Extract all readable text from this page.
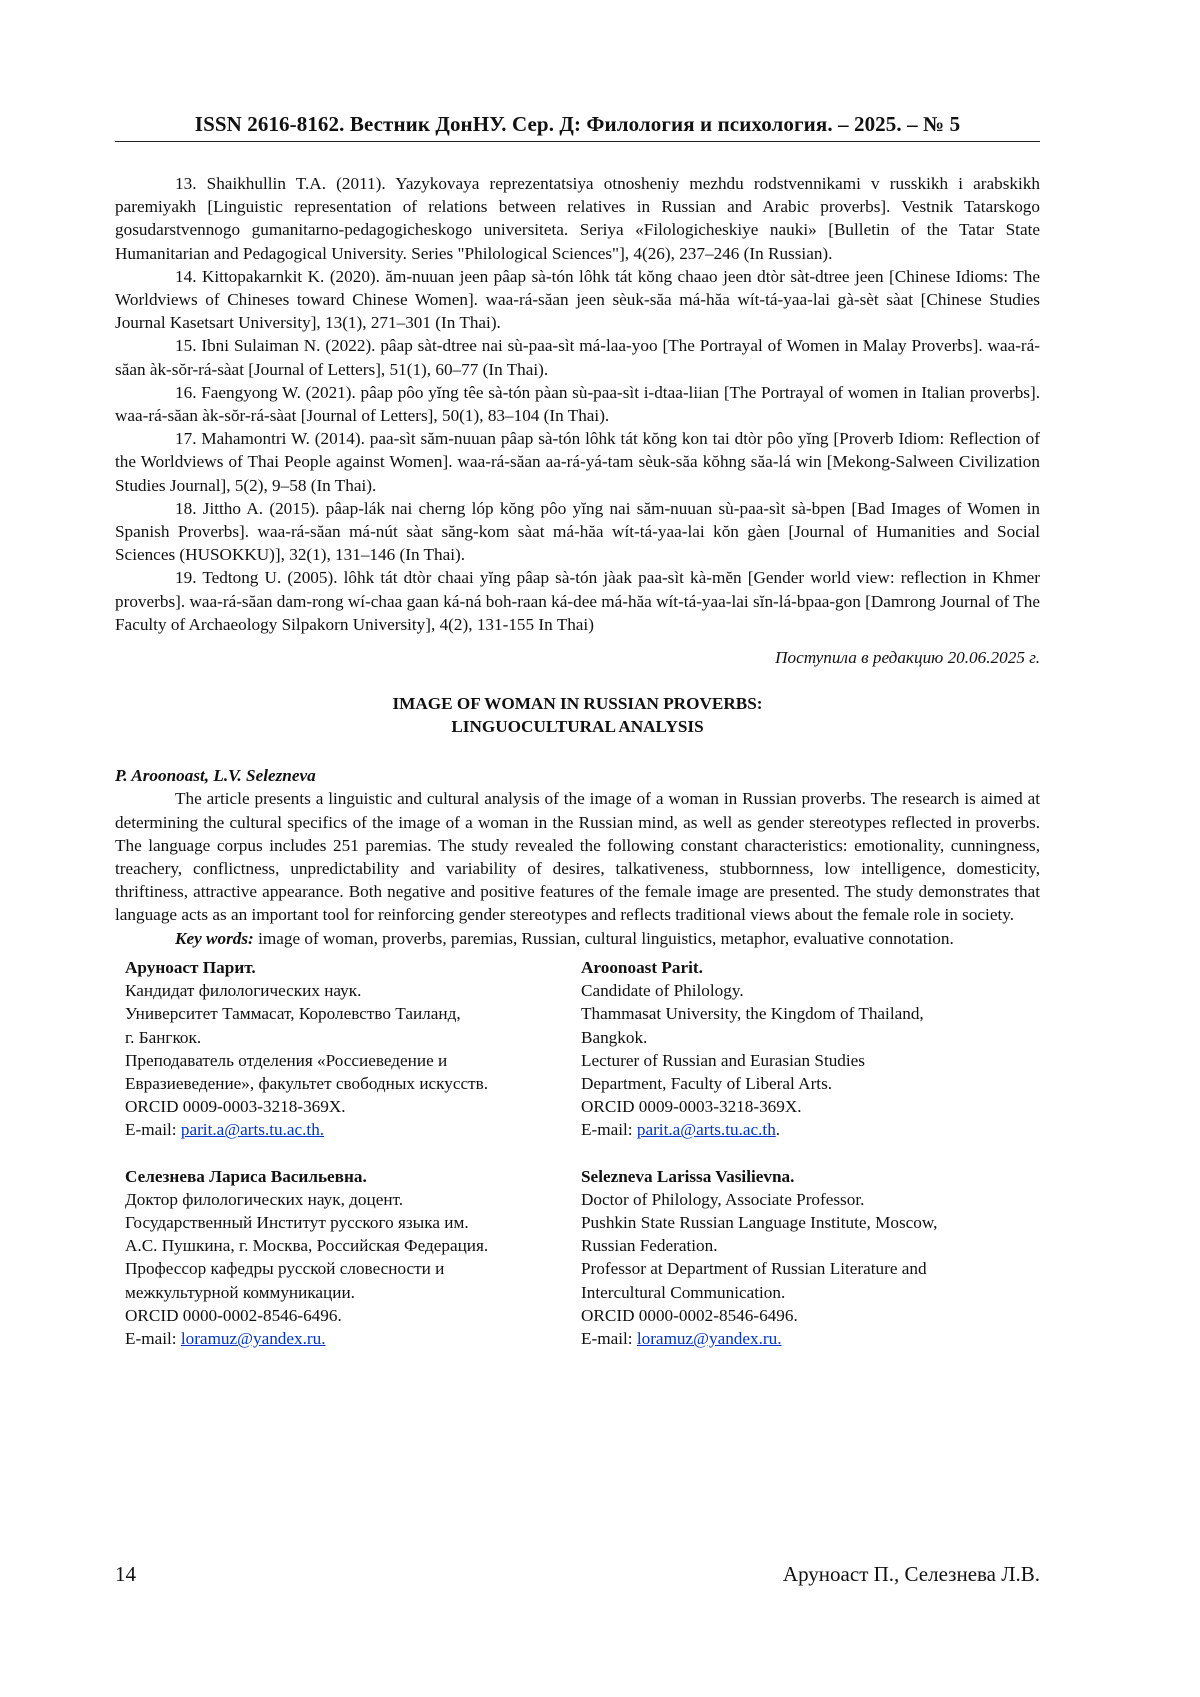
ISSN 2616-8162. Вестник ДонНУ. Сер. Д: Филология и психология. – 2025. – № 5

13. Shaikhullin T.A. (2011). Yazykovaya reprezentatsiya otnosheniy mezhdu rodstvennikami v russkikh i arabskikh paremiyakh [Linguistic representation of relations between relatives in Russian and Arabic proverbs]. Vestnik Tatarskogo gosudarstvennogo gumanitarno-pedagogicheskogo universiteta. Seriya «Filologicheskiye nauki» [Bulletin of the Tatar State Humanitarian and Pedagogical University. Series "Philological Sciences"], 4(26), 237–246 (In Russian).

14. Kittopakarnkit K. (2020). ăm-nuuan jeen pâap sà-tón lôhk tát kŏng chaao jeen dtòr sàt-dtree jeen [Chinese Idioms: The Worldviews of Chineses toward Chinese Women]. waa-rá-săan jeen sèuk-săa má-hăa wít-tá-yaa-lai gà-sèt sàat [Chinese Studies Journal Kasetsart University], 13(1), 271–301 (In Thai).

15. Ibni Sulaiman N. (2022). pâap sàt-dtree nai sù-paa-sìt má-laa-yoo [The Portrayal of Women in Malay Proverbs]. waa-rá-săan àk-sŏr-rá-sàat [Journal of Letters], 51(1), 60–77 (In Thai).

16. Faengyong W. (2021). pâap pôo yĭng têe sà-tón pàan sù-paa-sìt i-dtaa-liian [The Portrayal of women in Italian proverbs]. waa-rá-săan àk-sŏr-rá-sàat [Journal of Letters], 50(1), 83–104 (In Thai).

17. Mahamontri W. (2014). paa-sìt săm-nuuan pâap sà-tón lôhk tát kŏng kon tai dtòr pôo yĭng [Proverb Idiom: Reflection of the Worldviews of Thai People against Women]. waa-rá-săan aa-rá-yá-tam sèuk-săa kŏhng săa-lá win [Mekong-Salween Civilization Studies Journal], 5(2), 9–58 (In Thai).

18. Jittho A. (2015). pâap-lák nai cherng lóp kŏng pôo yĭng nai săm-nuuan sù-paa-sìt sà-bpen [Bad Images of Women in Spanish Proverbs]. waa-rá-săan má-nút sàat săng-kom sàat má-hăa wít-tá-yaa-lai kŏn gàen [Journal of Humanities and Social Sciences (HUSOKKU)], 32(1), 131–146 (In Thai).

19. Tedtong U. (2005). lôhk tát dtòr chaai yĭng pâap sà-tón jàak paa-sìt kà-mĕn [Gender world view: reflection in Khmer proverbs]. waa-rá-săan dam-rong wí-chaa gaan ká-ná boh-raan ká-dee má-hăa wít-tá-yaa-lai sĭn-lá-bpaa-gon [Damrong Journal of The Faculty of Archaeology Silpakorn University], 4(2), 131-155 In Thai)

Поступила в редакцию 20.06.2025 г.

IMAGE OF WOMAN IN RUSSIAN PROVERBS:
LINGUOCULTURAL ANALYSIS
P. Aroonoast, L.V. Selezneva

The article presents a linguistic and cultural analysis of the image of a woman in Russian proverbs. The research is aimed at determining the cultural specifics of the image of a woman in the Russian mind, as well as gender stereotypes reflected in proverbs. The language corpus includes 251 paremias. The study revealed the following constant characteristics: emotionality, cunningness, treachery, conflictness, unpredictability and variability of desires, talkativeness, stubbornness, low intelligence, domesticity, thriftiness, attractive appearance. Both negative and positive features of the female image are presented. The study demonstrates that language acts as an important tool for reinforcing gender stereotypes and reflects traditional views about the female role in society.

Key words: image of woman, proverbs, paremias, Russian, cultural linguistics, metaphor, evaluative connotation.

Аруноаст Парит.
Кандидат филологических наук.
Университет Таммасат, Королевство Таиланд,
г. Бангкок.
Преподаватель отделения «Россиеведение и
Евразиеведение», факультет свободных искусств.
ORCID 0009-0003-3218-369X.
E-mail: parit.a@arts.tu.ac.th.
Селезнева Лариса Васильевна.
Доктор филологических наук, доцент.
Государственный Институт русского языка им.
А.С. Пушкина, г. Москва, Российская Федерация.
Профессор кафедры русской словесности и
межкультурной коммуникации.
ORCID 0000-0002-8546-6496.
E-mail: loramuz@yandex.ru.
Aroonoast Parit.
Candidate of Philology.
Thammasat University, the Kingdom of Thailand,
Bangkok.
Lecturer of Russian and Eurasian Studies
Department, Faculty of Liberal Arts.
ORCID 0009-0003-3218-369X.
E-mail: parit.a@arts.tu.ac.th.
Selezneva Larissa Vasilievna.
Doctor of Philology, Associate Professor.
Pushkin State Russian Language Institute, Moscow,
Russian Federation.
Professor at Department of Russian Literature and
Intercultural Communication.
ORCID 0000-0002-8546-6496.
E-mail: loramuz@yandex.ru.
14	Аруноаст П., Селезнева Л.В.
